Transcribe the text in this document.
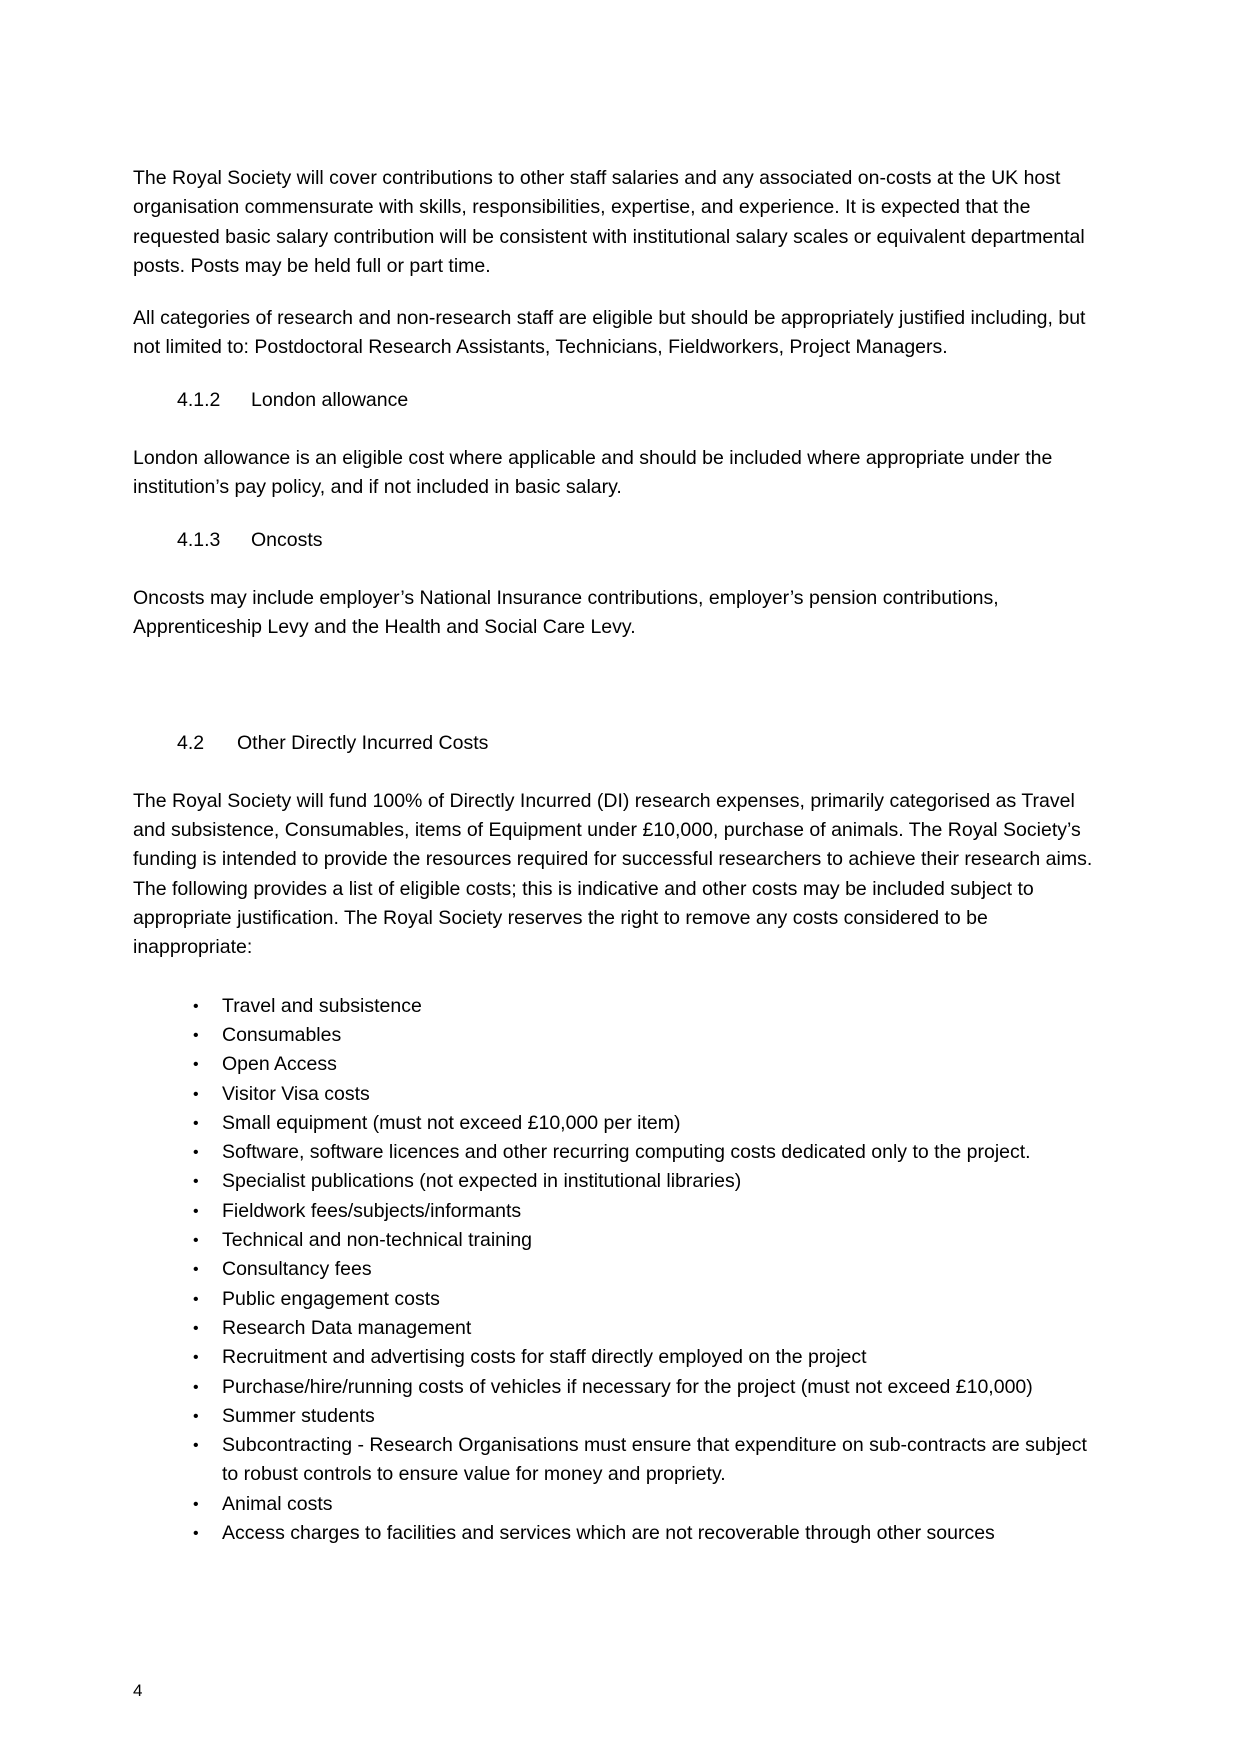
The Royal Society will cover contributions to other staff salaries and any associated on-costs at the UK host organisation commensurate with skills, responsibilities, expertise, and experience. It is expected that the requested basic salary contribution will be consistent with institutional salary scales or equivalent departmental posts. Posts may be held full or part time.

All categories of research and non-research staff are eligible but should be appropriately justified including, but not limited to: Postdoctoral Research Assistants, Technicians, Fieldworkers, Project Managers.

4.1.2 London allowance

London allowance is an eligible cost where applicable and should be included where appropriate under the institution’s pay policy, and if not included in basic salary.

4.1.3 Oncosts

Oncosts may include employer’s National Insurance contributions, employer’s pension contributions, Apprenticeship Levy and the Health and Social Care Levy.

4.2 Other Directly Incurred Costs

The Royal Society will fund 100% of Directly Incurred (DI) research expenses, primarily categorised as Travel and subsistence, Consumables, items of Equipment under £10,000, purchase of animals. The Royal Society’s funding is intended to provide the resources required for successful researchers to achieve their research aims. The following provides a list of eligible costs; this is indicative and other costs may be included subject to appropriate justification. The Royal Society reserves the right to remove any costs considered to be inappropriate:

•	Travel and subsistence
•	Consumables
•	Open Access
•	Visitor Visa costs
•	Small equipment (must not exceed £10,000 per item)
•	Software, software licences and other recurring computing costs dedicated only to the project.
•	Specialist publications (not expected in institutional libraries)
•	Fieldwork fees/subjects/informants
•	Technical and non-technical training
•	Consultancy fees
•	Public engagement costs
•	Research Data management
•	Recruitment and advertising costs for staff directly employed on the project
•	Purchase/hire/running costs of vehicles if necessary for the project (must not exceed £10,000)
•	Summer students
•	Subcontracting - Research Organisations must ensure that expenditure on sub-contracts are subject to robust controls to ensure value for money and propriety.
•	Animal costs
•	Access charges to facilities and services which are not recoverable through other sources
4
